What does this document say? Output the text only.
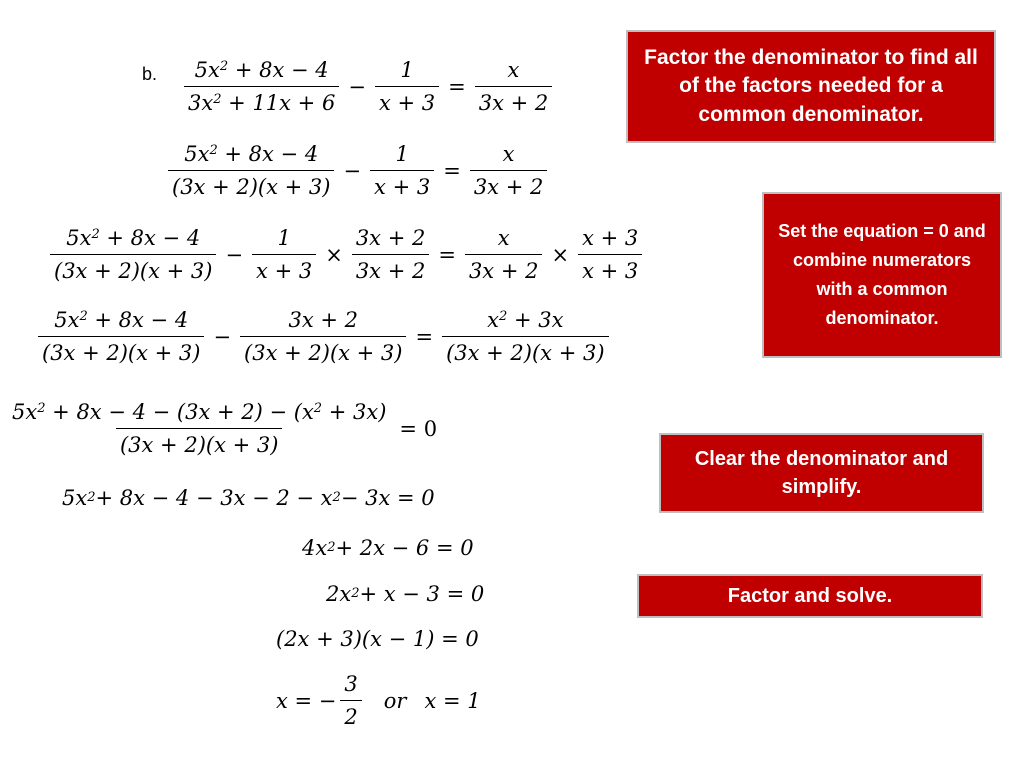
b. $\frac{5x^2 + 8x - 4}{3x^2 + 11x + 6} - \frac{1}{x + 3} = \frac{x}{3x + 2}$
$\frac{5x^2 + 8x - 4}{(3x + 2)(x + 3)} - \frac{1}{x + 3} = \frac{x}{3x + 2}$
$\frac{5x^2 + 8x - 4}{(3x + 2)(x + 3)} - \frac{1}{x + 3} \times \frac{3x + 2}{3x + 2} = \frac{x}{3x + 2} \times \frac{x + 3}{x + 3}$
$\frac{5x^2 + 8x - 4}{(3x + 2)(x + 3)} - \frac{3x + 2}{(3x + 2)(x + 3)} = \frac{x^2 + 3x}{(3x + 2)(x + 3)}$
$\frac{5x^2 + 8x - 4 - (3x + 2) - (x^2 + 3x)}{(3x + 2)(x + 3)} = 0$
5x 2 + 8x − 4 − 3x − 2 − x 2 − 3x = 0
4x 2 + 2x − 6 = 0
2x 2 + x − 3 = 0
(2x + 3)(x − 1) = 0
x = − $\frac{3}{2}$ or x = 1
Factor the denominator to find all of the factors needed for a common denominator.
Set the equation = 0 and combine numerators with a common denominator.
Clear the denominator and simplify.
Factor and solve.
